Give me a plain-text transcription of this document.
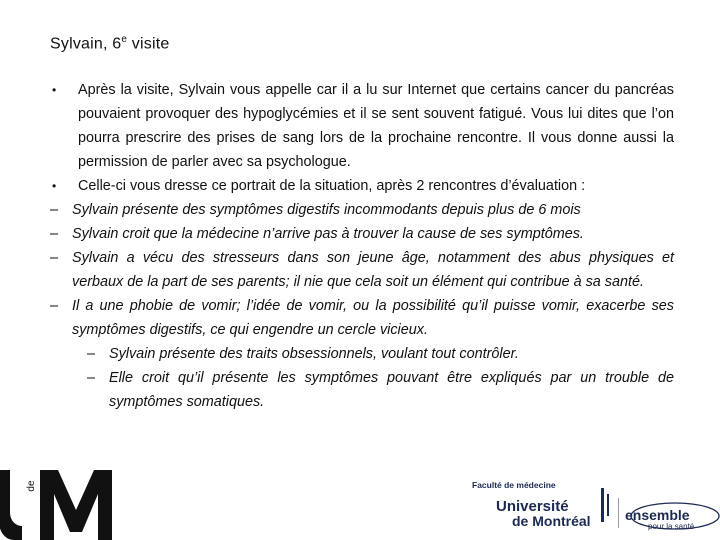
Sylvain, 6e visite
•	Après la visite, Sylvain vous appelle car il a lu sur Internet que certains cancer du pancréas pouvaient provoquer des hypoglycémies et il se sent souvent fatigué. Vous lui dites que l’on pourra prescrire des prises de sang lors de la prochaine rencontre. Il vous donne aussi la permission de parler avec sa psychologue.
•	Celle-ci vous dresse ce portrait de la situation, après 2 rencontres d’évaluation :
– Sylvain présente des symptômes digestifs incommodants depuis plus de 6 mois
– Sylvain croit que la médecine n’arrive pas à trouver la cause de ses symptômes.
– Sylvain a vécu des stresseurs dans son jeune âge, notamment des abus physiques et verbaux de la part de ses parents; il nie que cela soit un élément qui contribue à sa santé.
– Il a une phobie de vomir; l’idée de vomir, ou la possibilité qu’il puisse vomir, exacerbe ses symptômes digestifs, ce qui engendre un cercle vicieux.
– Sylvain présente des traits obsessionnels, voulant tout contrôler.
– Elle croit qu’il présente les symptômes pouvant être expliqués par un trouble de symptômes somatiques.
de	Faculté de médecine
Université
de Montréal ensemble
pour la santé
